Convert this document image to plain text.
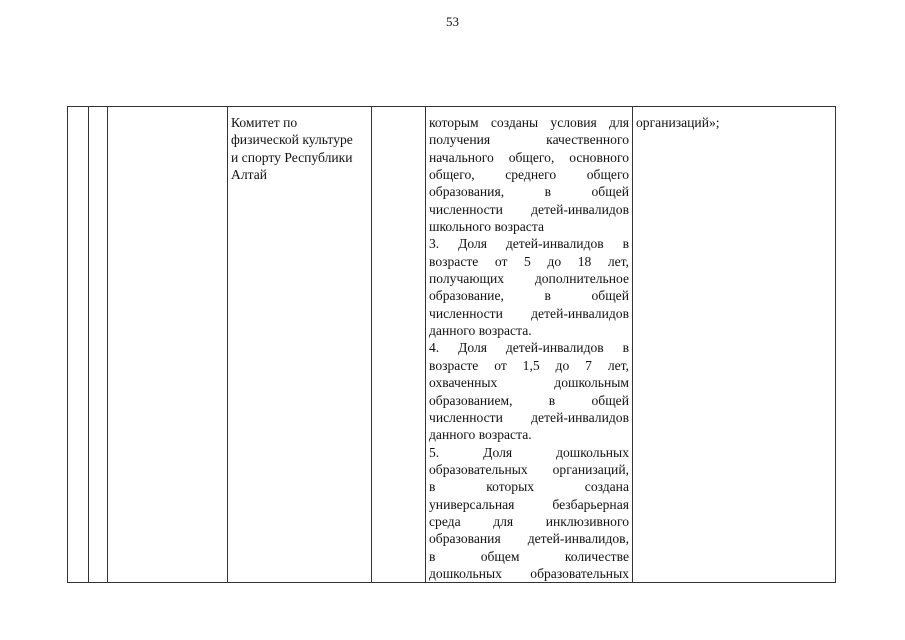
53
Комитет по
физической культуре
и спорту Республики
Алтай
которым созданы условия для
получения качественного
начального общего, основного
общего, среднего общего
образования, в общей
численности детей-инвалидов
школьного возраста
3. Доля детей-инвалидов в
возрасте от 5 до 18 лет,
получающих дополнительное
образование, в общей
численности детей-инвалидов
данного возраста.
4. Доля детей-инвалидов в
возрасте от 1,5 до 7 лет,
охваченных дошкольным
образованием, в общей
численности детей-инвалидов
данного возраста.
5. Доля дошкольных
образовательных организаций,
в которых создана
универсальная безбарьерная
среда для инклюзивного
образования детей-инвалидов,
в общем количестве
дошкольных образовательных
организаций»;
